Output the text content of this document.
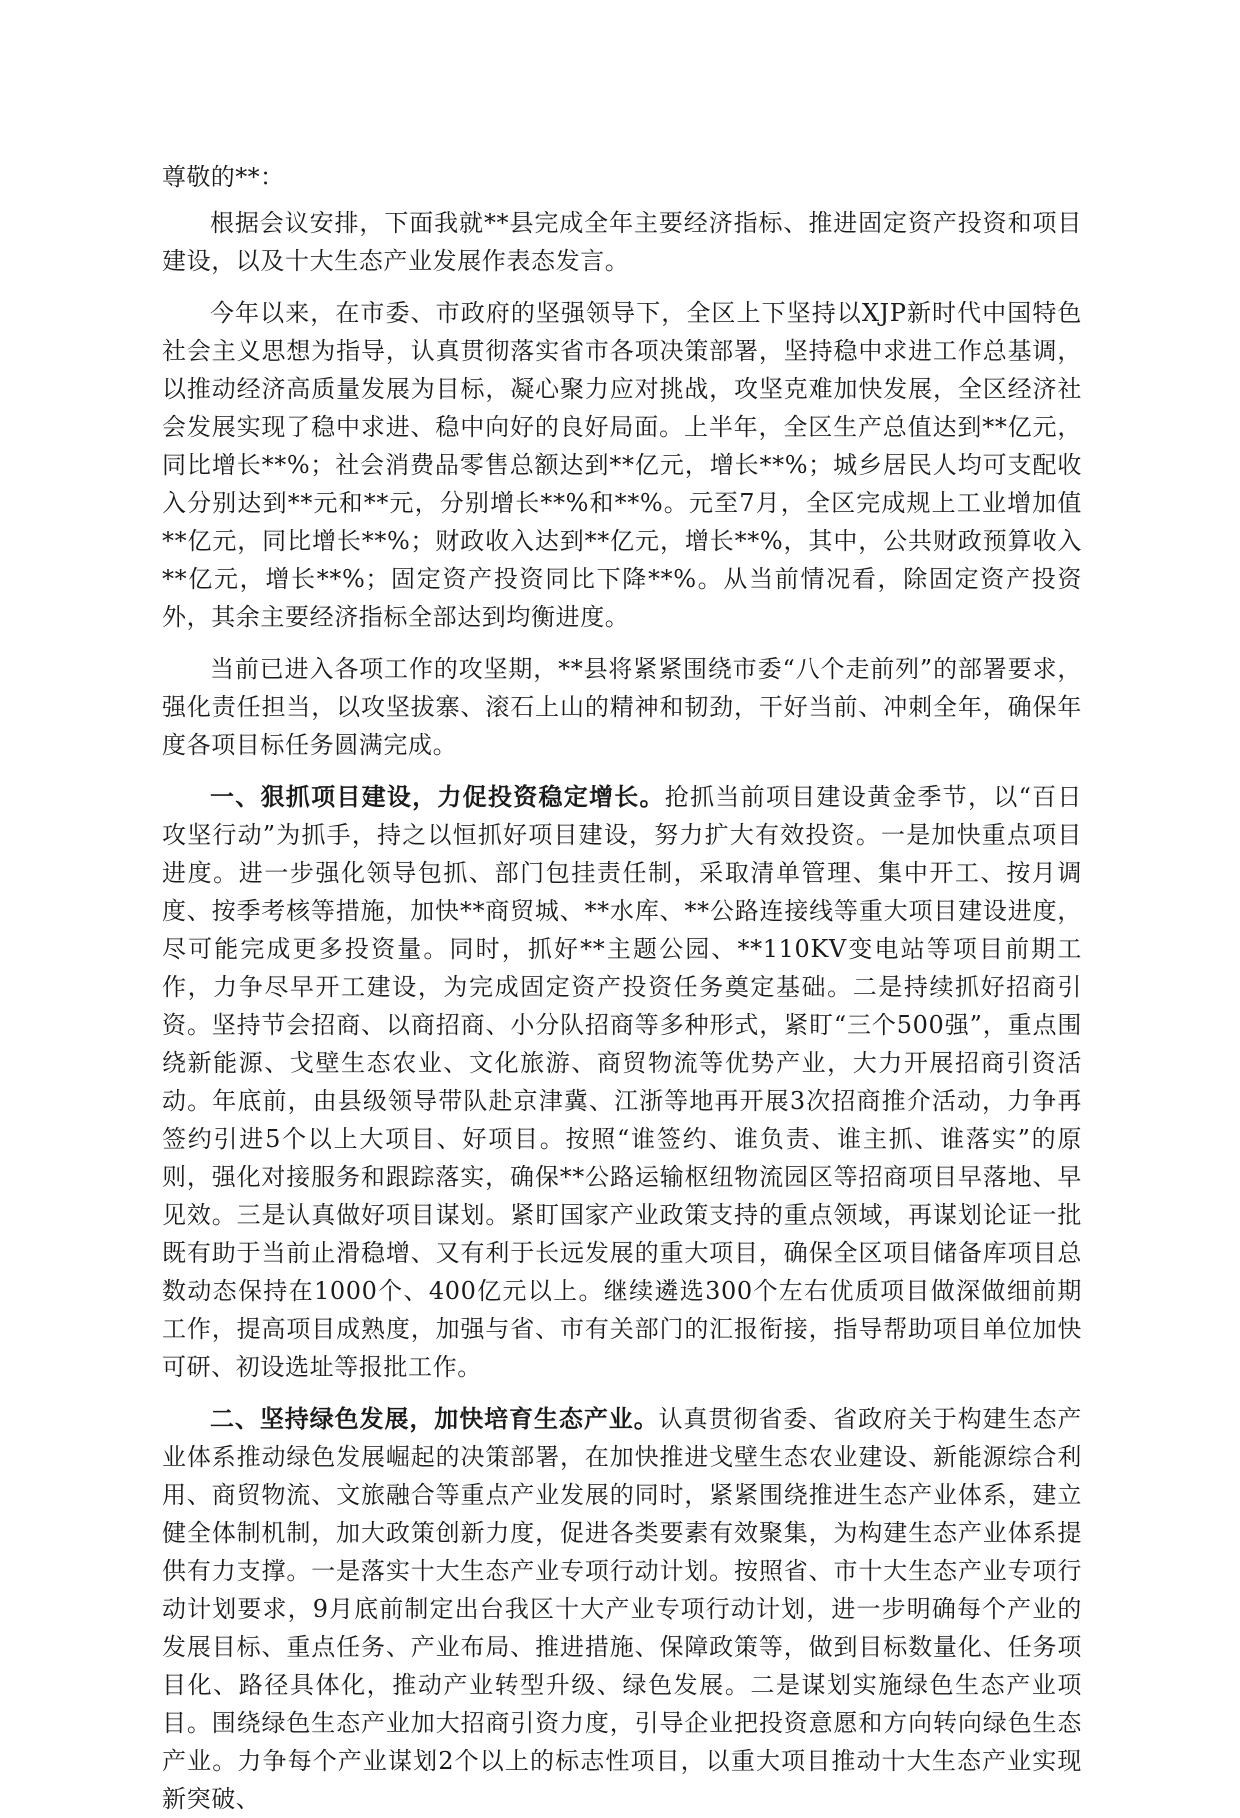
尊敬的**：

根据会议安排，下面我就**县完成全年主要经济指标、推进固定资产投资和项目建设，以及十大生态产业发展作表态发言。

今年以来，在市委、市政府的坚强领导下，全区上下坚持以XJP新时代中国特色社会主义思想为指导，认真贯彻落实省市各项决策部署，坚持稳中求进工作总基调，以推动经济高质量发展为目标，凝心聚力应对挑战，攻坚克难加快发展，全区经济社会发展实现了稳中求进、稳中向好的良好局面。上半年，全区生产总值达到**亿元，同比增长**%；社会消费品零售总额达到**亿元，增长**%；城乡居民人均可支配收入分别达到**元和**元，分别增长**%和**%。元至7月，全区完成规上工业增加值**亿元，同比增长**%；财政收入达到**亿元，增长**%，其中，公共财政预算收入**亿元，增长**%；固定资产投资同比下降**%。从当前情况看，除固定资产投资外，其余主要经济指标全部达到均衡进度。

当前已进入各项工作的攻坚期，**县将紧紧围绕市委“八个走前列”的部署要求，强化责任担当，以攻坚拔寨、滚石上山的精神和韧劲，干好当前、冲刺全年，确保年度各项目标任务圆满完成。

一、狠抓项目建设，力促投资稳定增长。抢抓当前项目建设黄金季节，以“百日攻坚行动”为抓手，持之以恒抓好项目建设，努力扩大有效投资。一是加快重点项目进度。进一步强化领导包抓、部门包挂责任制，采取清单管理、集中开工、按月调度、按季考核等措施，加快**商贸城、**水库、**公路连接线等重大项目建设进度，尽可能完成更多投资量。同时，抓好**主题公园、**110KV变电站等项目前期工作，力争尽早开工建设，为完成固定资产投资任务奠定基础。二是持续抓好招商引资。坚持节会招商、以商招商、小分队招商等多种形式，紧盯“三个500强”，重点围绕新能源、戈壁生态农业、文化旅游、商贸物流等优势产业，大力开展招商引资活动。年底前，由县级领导带队赴京津冀、江浙等地再开展3次招商推介活动，力争再签约引进5个以上大项目、好项目。按照“谁签约、谁负责、谁主抓、谁落实”的原则，强化对接服务和跟踪落实，确保**公路运输枢纽物流园区等招商项目早落地、早见效。三是认真做好项目谋划。紧盯国家产业政策支持的重点领域，再谋划论证一批既有助于当前止滑稳增、又有利于长远发展的重大项目，确保全区项目储备库项目总数动态保持在1000个、400亿元以上。继续遴选300个左右优质项目做深做细前期工作，提高项目成熟度，加强与省、市有关部门的汇报衔接，指导帮助项目单位加快可研、初设选址等报批工作。

二、坚持绿色发展，加快培育生态产业。认真贯彻省委、省政府关于构建生态产业体系推动绿色发展崛起的决策部署，在加快推进戈壁生态农业建设、新能源综合利用、商贸物流、文旅融合等重点产业发展的同时，紧紧围绕推进生态产业体系，建立健全体制机制，加大政策创新力度，促进各类要素有效聚集，为构建生态产业体系提供有力支撑。一是落实十大生态产业专项行动计划。按照省、市十大生态产业专项行动计划要求，9月底前制定出台我区十大产业专项行动计划，进一步明确每个产业的发展目标、重点任务、产业布局、推进措施、保障政策等，做到目标数量化、任务项目化、路径具体化，推动产业转型升级、绿色发展。二是谋划实施绿色生态产业项目。围绕绿色生态产业加大招商引资力度，引导企业把投资意愿和方向转向绿色生态产业。力争每个产业谋划2个以上的标志性项目，以重大项目推动十大生态产业实现新突破、
